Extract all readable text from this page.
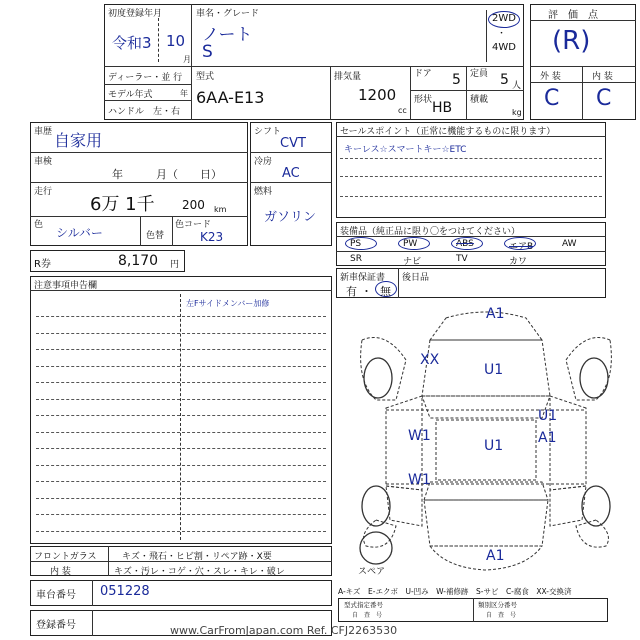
初度登録年月
令和3 10
月
車名・グレード
ノート
S
2WD
・
4WD
ディーラー・並 行
モデル年式	年
ハンドル　左・右
型式
6AA-E13
排気量
1200
cc
ドア 5 定員 5 人
形状 HB 積載
kg
評　価　点
(R)
外 装	内 装
C C
車歴 自家用
車検
年　　　月（　　日）
走行
6万 1千 200 km
色
シルバー	色替
色コード
K23
シフト
CVT
冷房
AC
燃料
ガソリン
R券	8,170 円
セールスポイント（正常に機能するものに限ります）
キーレス☆スマートキー☆ETC
装備品（純正品に限り〇をつけてください）
PS	PW	ABS	エアB	AW
SR	ナビ	TV	カワ
新車保証書
有 ・ 無
後日品
注意事項申告欄
左Fサイドメンバー加修
A1
U1
XX
U1
U1
A1
W1
W1
A1
スペア
フロントガラス	キズ・飛石・ヒビ割・リペア跡・X要
内 装	キズ・汚レ・コゲ・穴・スレ・キレ・破レ
車台番号 051228
登録番号
A-キズ　E-エクボ　U-凹み　W-補修跡　S-サビ　C-腐食　XX-交換済
型式指定番号
自　査　号
類別区分番号
自　査　号
www.CarFromJapan.com Ref. CFJ2263530
